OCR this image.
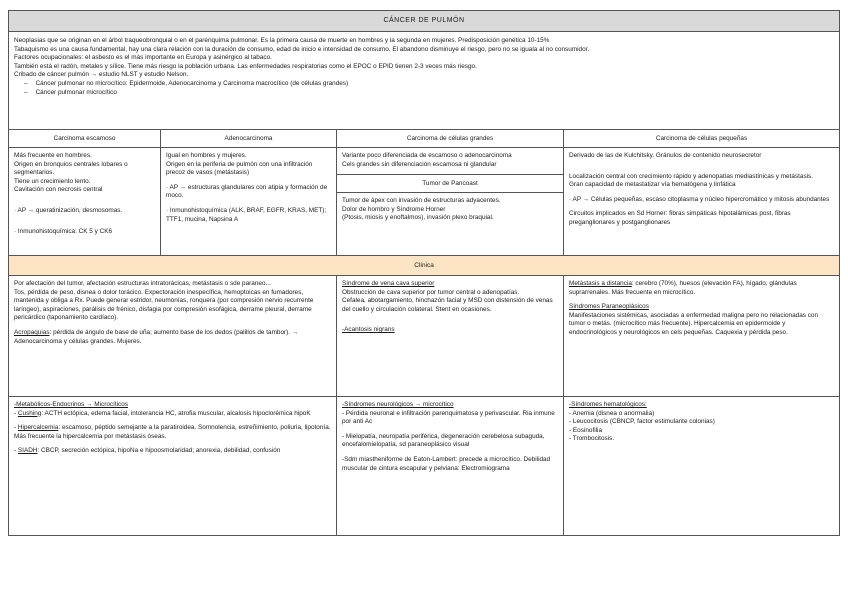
CÁNCER DE PULMÓN

Neoplasias que se originan en el árbol traqueobronquial o en el parénquima pulmonar. Es la primera causa de muerte en hombres y la segunda en mujeres. Predisposición genética 10-15%

Tabaquismo es una causa fundamental, hay una clara relación con la duración de consumo, edad de inicio e intensidad de consumo. El abandono disminuye el riesgo, pero no se iguala al no consumidor.

Factores ocupacionales: el asbesto es el más importante en Europa y asinérgico al tabaco.

También está el radón, metales y sílice. Tiene más riesgo la población urbana. Las enfermedades respiratorias como el EPOC o EPID tienen 2-3 veces más riesgo.

Cribado de cáncer pulmón → estudio NLST y estudio Nelson.

– Cáncer pulmonar no microcítico: Epidermoide, Adenocarcinoma y Carcinoma macrocítico (de células grandes)
– Cáncer pulmonar microcítico
Carcinoma escamoso

Más frecuente en hombres.

Origen en bronquios centrales lobares o segmentarios.

Tiene un crecimiento lento.

Cavitación con necrosis central

· AP → queratinización, desmosomas.

· Inmunohistoquímica: CK 5 y CK6

Adenocarcinoma

Igual en hombres y mujeres.

Origen en la periferia de pulmón con una infiltración precoz de vasos (metástasis)

· AP → estructuras glandulares con atipia y formación de moco.

· Inmunohistoquímica (ALK, BRAF, EGFR, KRAS, MET); TTF1, mucina, Napsina A

Carcinoma de células grandes

Variante poco diferenciada de escamoso o adenocarcinoma

Cels grandes sin diferenciación escamosa ni glandular

Tumor de Pancoast

Tumor de ápex con invasión de estructuras adyacentes.

Dolor de hombro y Síndrome Horner

(Ptosis, miosis y enoftalmos), invasión plexo braquial.

Carcinoma de células pequeñas

Derivado de las de Kulchitsky. Gránulos de contenido neurosecretor

Localización central con crecimiento rápido y adenopatías mediastínicas y metástasis.

Gran capacidad de metastatizar vía hematógena y linfática

· AP → Células pequeñas, escaso citoplasma y núcleo hipercromático y mitosis abundantes

Circuitos implicados en Sd Horner: fibras simpáticas hipotalámicas post, fibras preganglionares y postganglionares

Clínica

Por afectación del tumor, afectación estructuras intratorácicas, metástasis o sde paraneo...

Tos, pérdida de peso, disnea o dolor torácico. Expectoración inespecífica, hemoptoicas en fumadores, mantenida y obliga a Rx. Puede generar estridor, neumonías, ronquera (por compresión nervio recurrente laríngeo), aspiraciones, parálisis de frénico, disfagia por compresión esofágica, derrame pleural, derrame pericárdico (taponamiento cardíaco).

Acropaquias: pérdida de ángulo de base de uña; aumento base de los dedos (palillos de tambor). → Adenocarcinoma y células grandes. Mujeres.

Síndrome de vena cava superior

Obstrucción de cava superior por tumor central o adenopatías.

Cefalea, abotargamiento, hinchazón facial y MSD con distensión de venas del cuello y circulación colateral. Stent en ocasiones.

-Acantosis nigrans

Metástasis a distancia: cerebro (70%), huesos (elevación FA), hígado, glándulas suprarrenales. Más frecuente en microcítico.

Síndromes Paraneoplásicos

Manifestaciones sistémicas, asociadas a enfermedad maligna pero no relacionadas con tumor o metás. (microcítico más frecuente). Hipercalcemia en epidermoide y endocrinológicos y neurológicos en cels pequeñas. Caquexia y pérdida peso.

-Metabólicos-Endocrinos → Microcíticos

- Cushing: ACTH ectópica, edema facial, intolerancia HC, atrofia muscular, alcalosis hipoclorémica hipoK

- Hipercalcemia: escamoso, péptido semejante a la paratiroidea. Somnolencia, estreñimiento, poliuria, lipotonía. Más frecuente la hipercalcemia por metástasis óseas.

- SIADH: CBCP, secreción ectópica, hipoNa e hipoosmolaridad; anorexia, debilidad, confusión

-Síndromes neurológicos → microcítico

- Pérdida neuronal e infiltración parenquimatosa y perivascular. Ria inmune por anti Ac

- Mielopatía, neuropatía periférica, degeneración cerebelosa subaguda, encefalomielopatía, sd paraneoplásico visual

-Sdm miastheniforme de Eaton-Lambert: precede a microcítico. Debilidad muscular de cintura escapular y pelviana: Electromiograma

-Síndromes hematológicos:

- Anemia (disnea o anormalia)

- Leucocitosis (CBNCP, factor estimulante colonias)

- Eosinofilia

- Trombocitosis.
